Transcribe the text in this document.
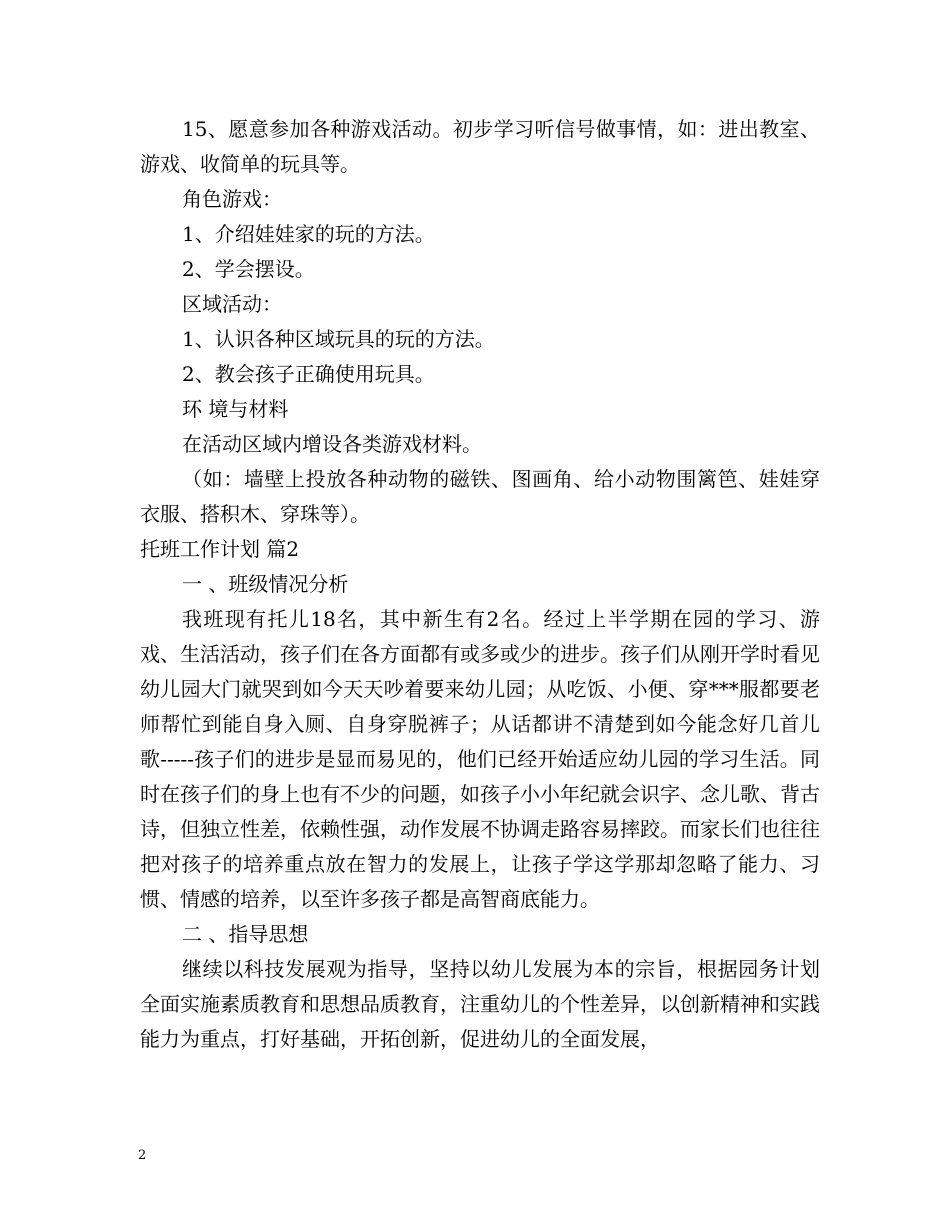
15、愿意参加各种游戏活动。初步学习听信号做事情，如：进出教室、游戏、收简单的玩具等。

角色游戏：

1、介绍娃娃家的玩的方法。

2、学会摆设。

区域活动：

1、认识各种区域玩具的玩的方法。

2、教会孩子正确使用玩具。

环 境与材料

在活动区域内增设各类游戏材料。

（如：墙壁上投放各种动物的磁铁、图画角、给小动物围篱笆、娃娃穿衣服、搭积木、穿珠等）。

托班工作计划 篇2

一 、班级情况分析

我班现有托儿18名，其中新生有2名。经过上半学期在园的学习、游戏、生活活动，孩子们在各方面都有或多或少的进步。孩子们从刚开学时看见幼儿园大门就哭到如今天天吵着要来幼儿园；从吃饭、小便、穿***服都要老师帮忙到能自身入厕、自身穿脱裤子；从话都讲不清楚到如今能念好几首儿歌-----孩子们的进步是显而易见的，他们已经开始适应幼儿园的学习生活。同时在孩子们的身上也有不少的问题，如孩子小小年纪就会识字、念儿歌、背古诗，但独立性差，依赖性强，动作发展不协调走路容易摔跤。而家长们也往往把对孩子的培养重点放在智力的发展上，让孩子学这学那却忽略了能力、习惯、情感的培养，以至许多孩子都是高智商底能力。

二 、指导思想

继续以科技发展观为指导，坚持以幼儿发展为本的宗旨，根据园务计划全面实施素质教育和思想品质教育，注重幼儿的个性差异，以创新精神和实践能力为重点，打好基础，开拓创新，促进幼儿的全面发展，

2
